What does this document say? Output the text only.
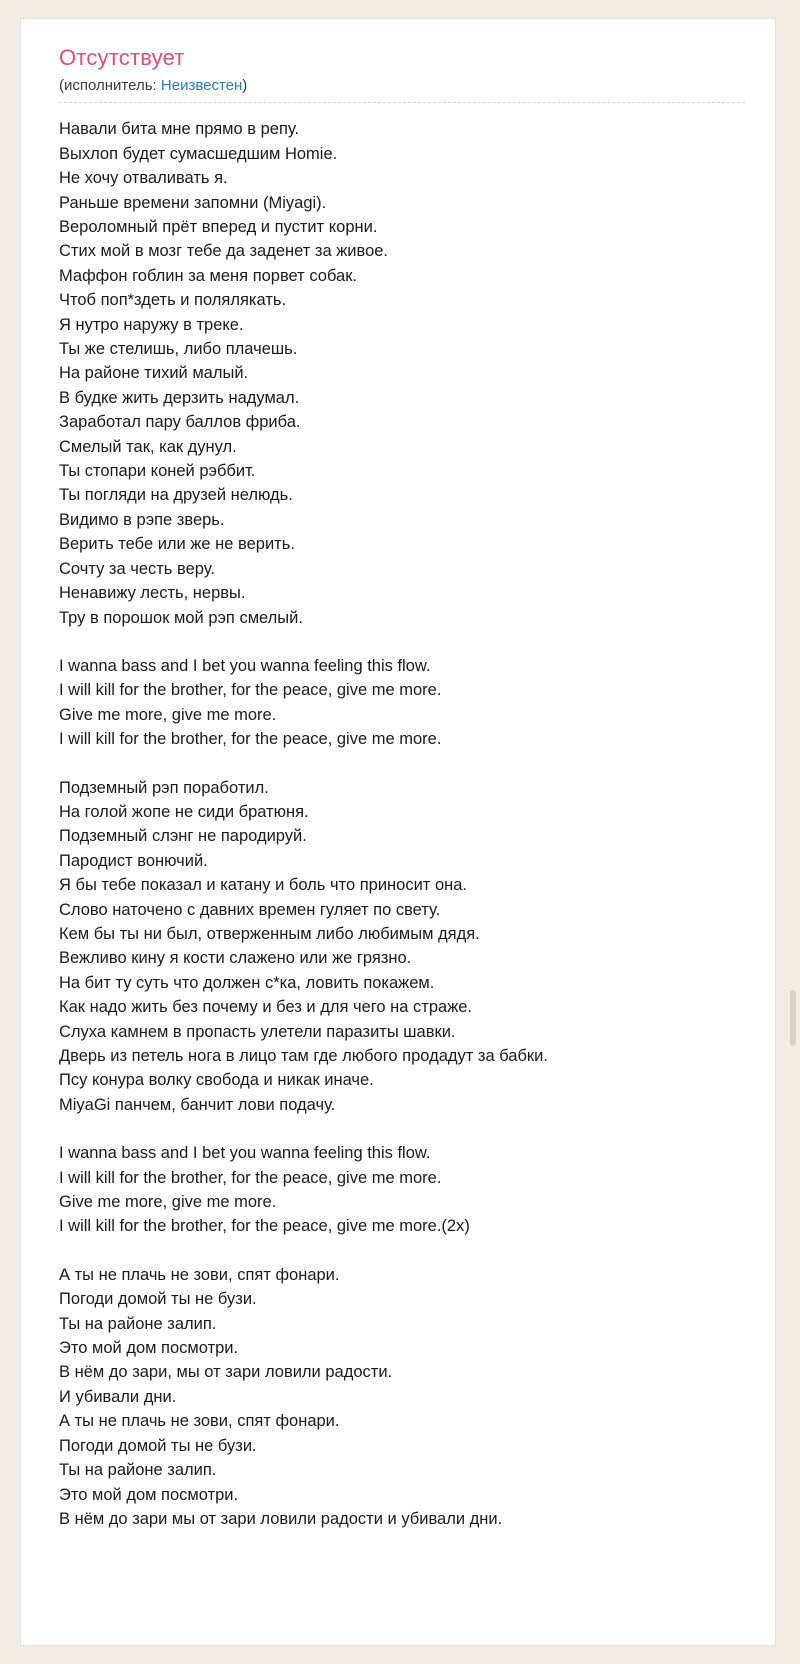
Отсутствует
(исполнитель: Неизвестен)

Навали бита мне прямо в репу.
Выхлоп будет сумасшедшим Homie.
Не хочу отваливать я.
Раньше времени запомни (Miyagi).
Вероломный прёт вперед и пустит корни.
Стих мой в мозг тебе да заденет за живое.
Маффон гоблин за меня порвет собак.
Чтоб поп*здеть и полялякать.
Я нутро наружу в треке.
Ты же стелишь, либо плачешь.
На районе тихий малый.
В будке жить дерзить надумал.
Заработал пару баллов фриба.
Смелый так, как дунул.
Ты стопари коней рэббит.
Ты погляди на друзей нелюдь.
Видимо в рэпе зверь.
Верить тебе или же не верить.
Сочту за честь веру.
Ненавижу лесть, нервы.
Тру в порошок мой рэп смелый.

I wanna bass and I bet you wanna feeling this flow.
I will kill for the brother, for the peace, give me more.
Give me more, give me more.
I will kill for the brother, for the peace, give me more.

Подземный рэп поработил.
На голой жопе не сиди братюня.
Подземный слэнг не пародируй.
Пародист вонючий.
Я бы тебе показал и катану и боль что приносит она.
Слово наточено с давних времен гуляет по свету.
Кем бы ты ни был, отверженным либо любимым дядя.
Вежливо кину я кости слажено или же грязно.
На бит ту суть что должен с*ка, ловить покажем.
Как надо жить без почему и без и для чего на страже.
Слуха камнем в пропасть улетели паразиты шавки.
Дверь из петель нога в лицо там где любого продадут за бабки.
Псу конура волку свобода и никак иначе.
MiyaGi панчем, банчит лови подачу.

I wanna bass and I bet you wanna feeling this flow.
I will kill for the brother, for the peace, give me more.
Give me more, give me more.
I will kill for the brother, for the peace, give me more.(2x)

А ты не плачь не зови, спят фонари.
Погоди домой ты не бузи.
Ты на районе залип.
Это мой дом посмотри.
В нём до зари, мы от зари ловили радости.
И убивали дни.
А ты не плачь не зови, спят фонари.
Погоди домой ты не бузи.
Ты на районе залип.
Это мой дом посмотри.
В нём до зари мы от зари ловили радости и убивали дни.
